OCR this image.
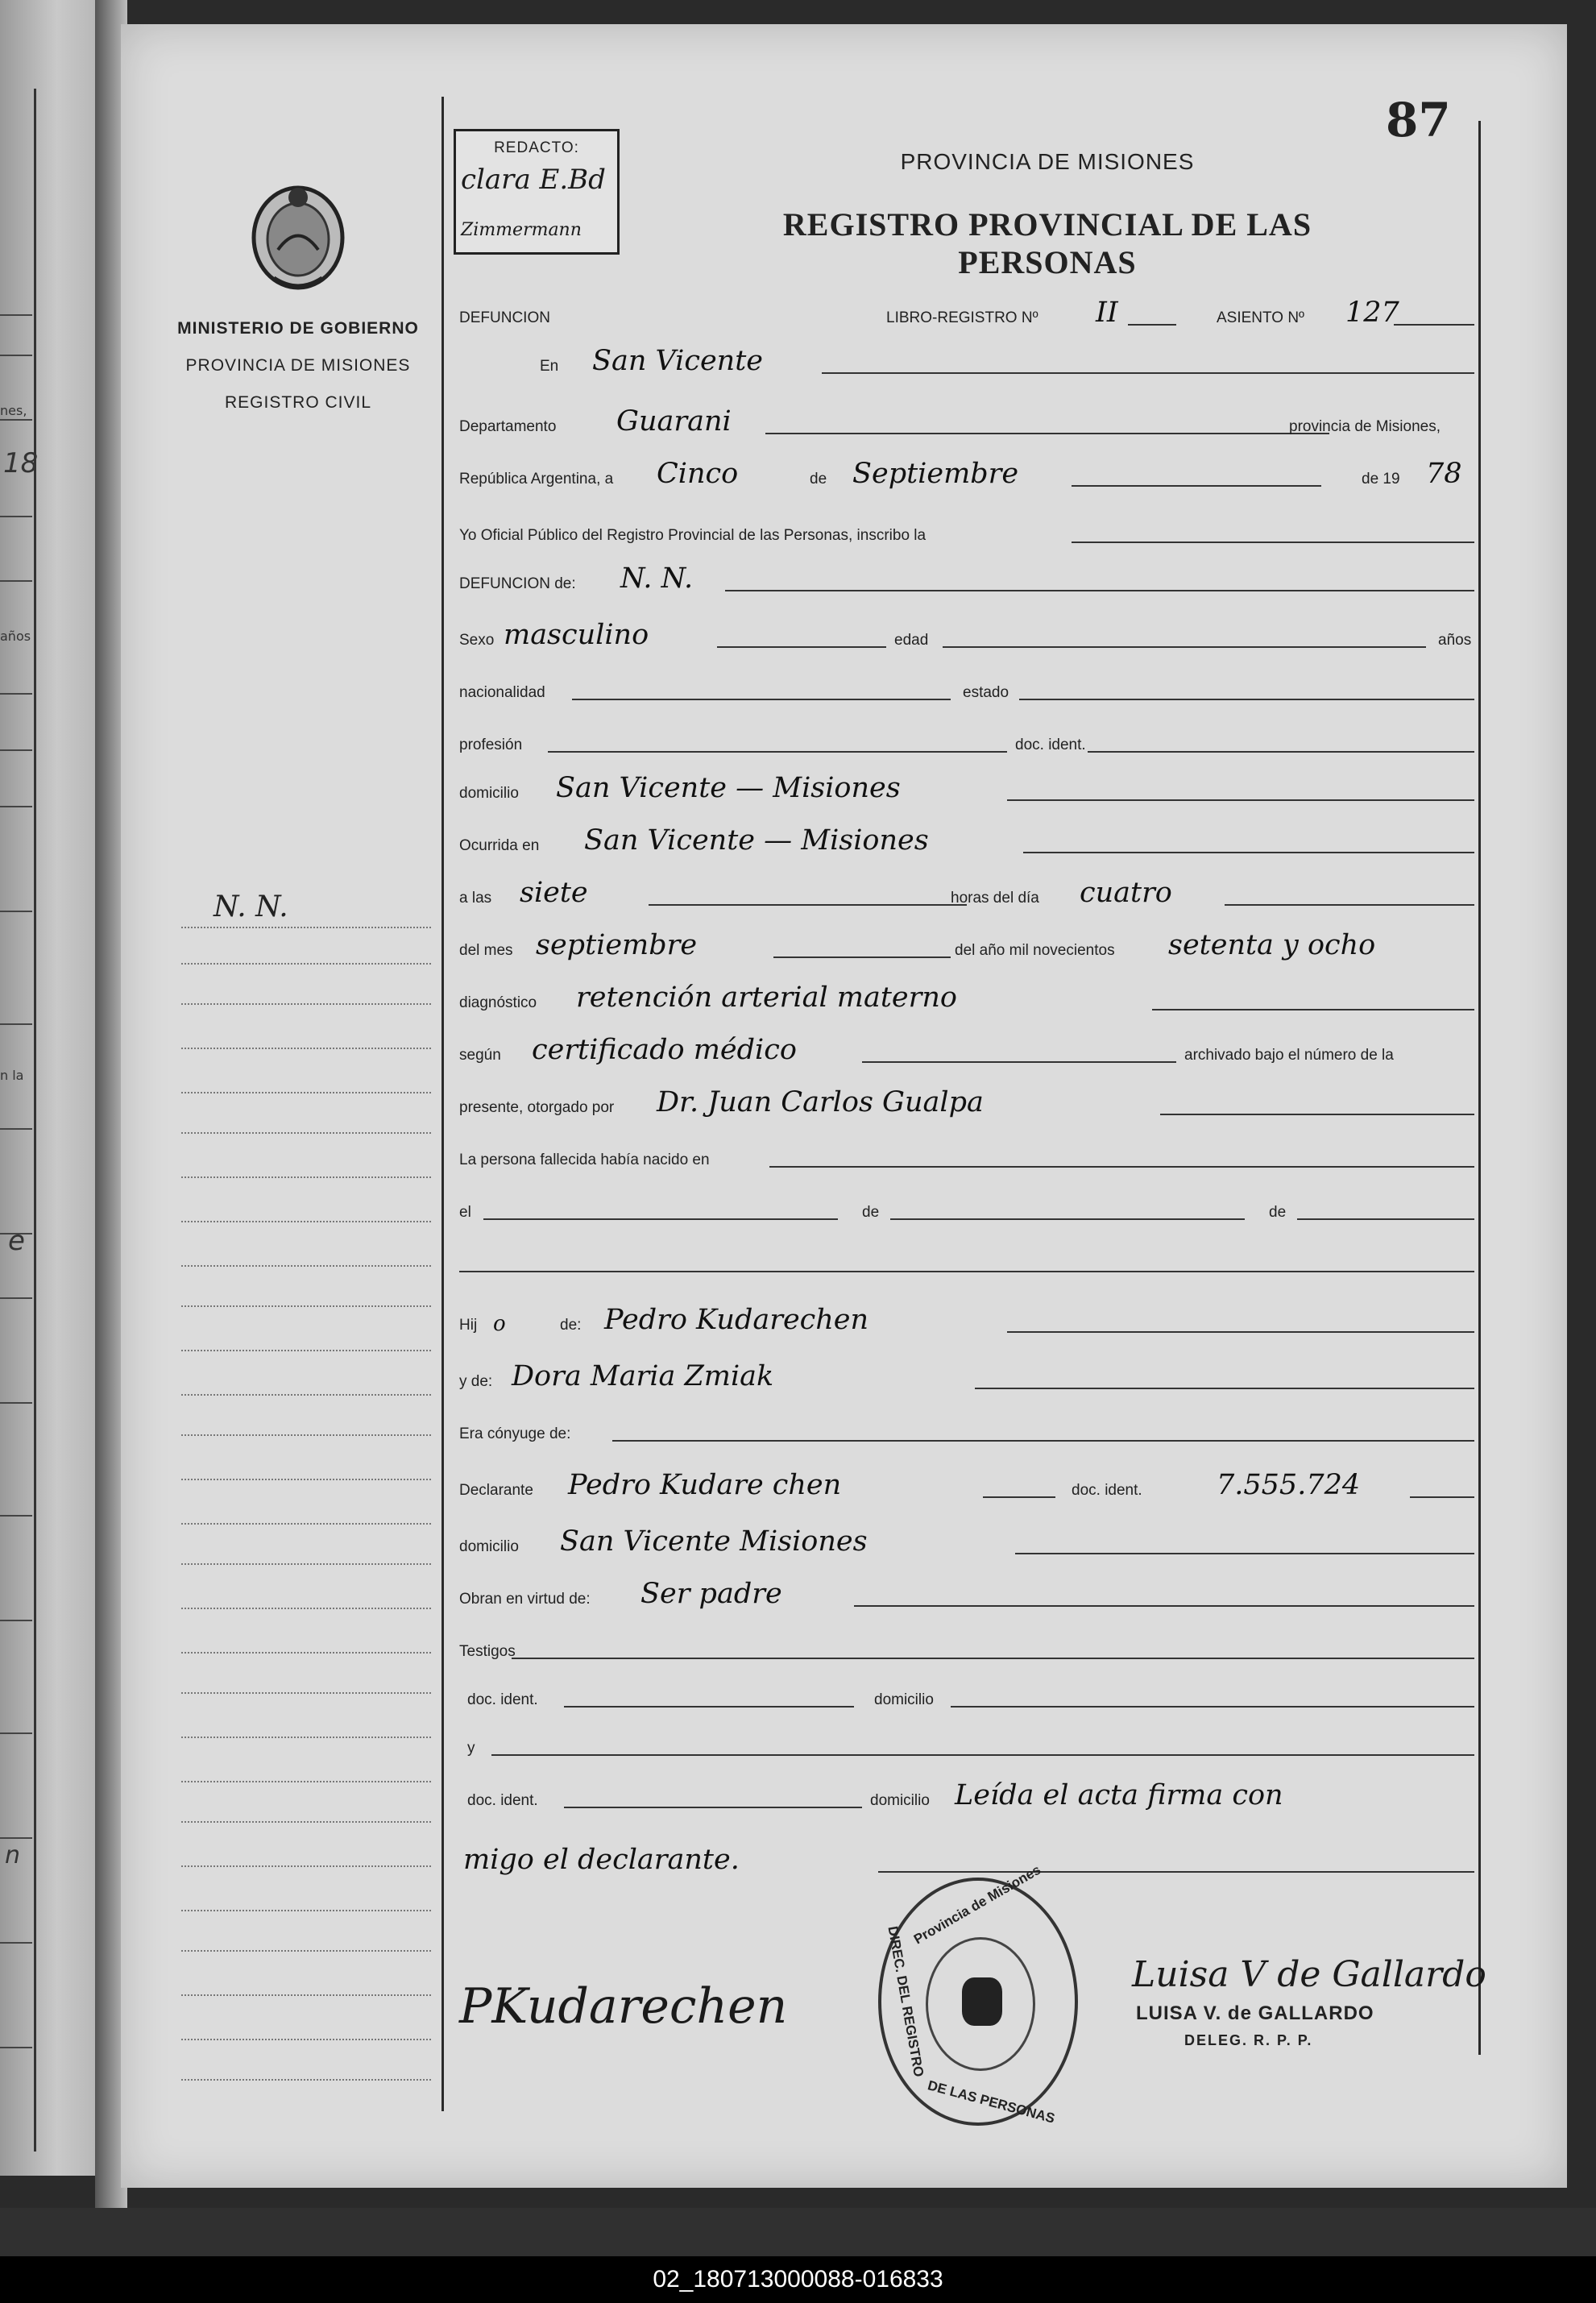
nes,
18
años
n la
e
n
REDACTO:
clara E.Bd
Zimmermann
MINISTERIO DE GOBIERNO
PROVINCIA DE MISIONES
REGISTRO CIVIL
87
PROVINCIA DE MISIONES
REGISTRO PROVINCIAL DE LAS PERSONAS
N. N.
DEFUNCION	LIBRO-REGISTRO Nº II	ASIENTO Nº 127
En San Vicente
Departamento Guarani	provincia de Misiones,
República Argentina, a Cinco	de Septiembre	de 19 78
Yo Oficial Público del Registro Provincial de las Personas, inscribo la
DEFUNCION de: N. N.
Sexo masculino	edad	años
nacionalidad	estado
profesión	doc. ident.
domicilio San Vicente — Misiones
Ocurrida en San Vicente — Misiones
a las siete	horas del día cuatro
del mes septiembre	del año mil novecientos setenta y ocho
diagnóstico retención arterial materno
según certificado médico	archivado bajo el número de la
presente, otorgado por Dr. Juan Carlos Gualpa
La persona fallecida había nacido en
el	de	de
Hij o	de: Pedro Kudarechen
y de: Dora Maria Zmiak
Era cónyuge de:
Declarante Pedro Kudare chen	doc. ident.	7.555.724
domicilio San Vicente Misiones
Obran en virtud de: Ser padre
Testigos
doc. ident.	domicilio
y
doc. ident.	domicilio Leída el acta firma con
migo el declarante.
Provincia de Misiones
DIREC. DEL REGISTRO
DE LAS PERSONAS
PKudarechen
Luisa V de Gallardo
LUISA V. de GALLARDO
DELEG. R. P. P.
02_180713000088-016833
